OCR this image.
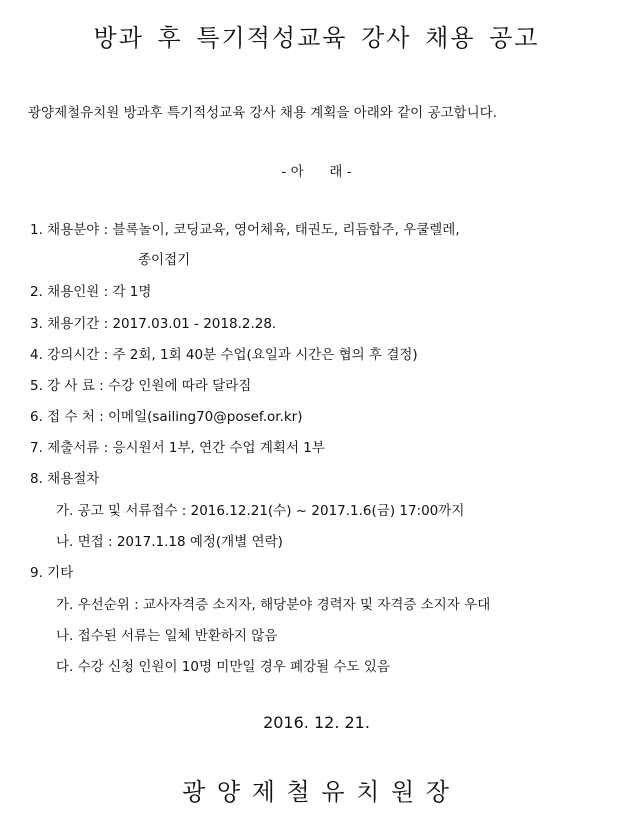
방과 후 특기적성교육 강사 채용 공고
광양제철유치원 방과후 특기적성교육 강사 채용 계획을 아래와 같이 공고합니다.
- 아      래 -
1. 채용분야 : 블록놀이, 코딩교육, 영어체육, 태권도, 리듬합주, 우쿨렐레,
종이접기
2. 채용인원 : 각 1명
3. 채용기간 : 2017.03.01 - 2018.2.28.
4. 강의시간 : 주 2회, 1회 40분 수업(요일과 시간은 협의 후 결정)
5. 강 사 료 : 수강 인원에 따라 달라짐
6. 접 수 처 : 이메일(sailing70@posef.or.kr)
7. 제출서류 : 응시원서 1부, 연간 수업 계획서 1부
8. 채용절차
가. 공고 및 서류접수 : 2016.12.21(수) ~ 2017.1.6(금) 17:00까지
나. 면접 : 2017.1.18 예정(개별 연락)
9. 기타
가. 우선순위 : 교사자격증 소지자, 해당분야 경력자 및 자격증 소지자 우대
나. 접수된 서류는 일체 반환하지 않음
다. 수강 신청 인원이 10명 미만일 경우 폐강될 수도 있음
2016. 12. 21.
광 양 제 철 유 치 원 장
